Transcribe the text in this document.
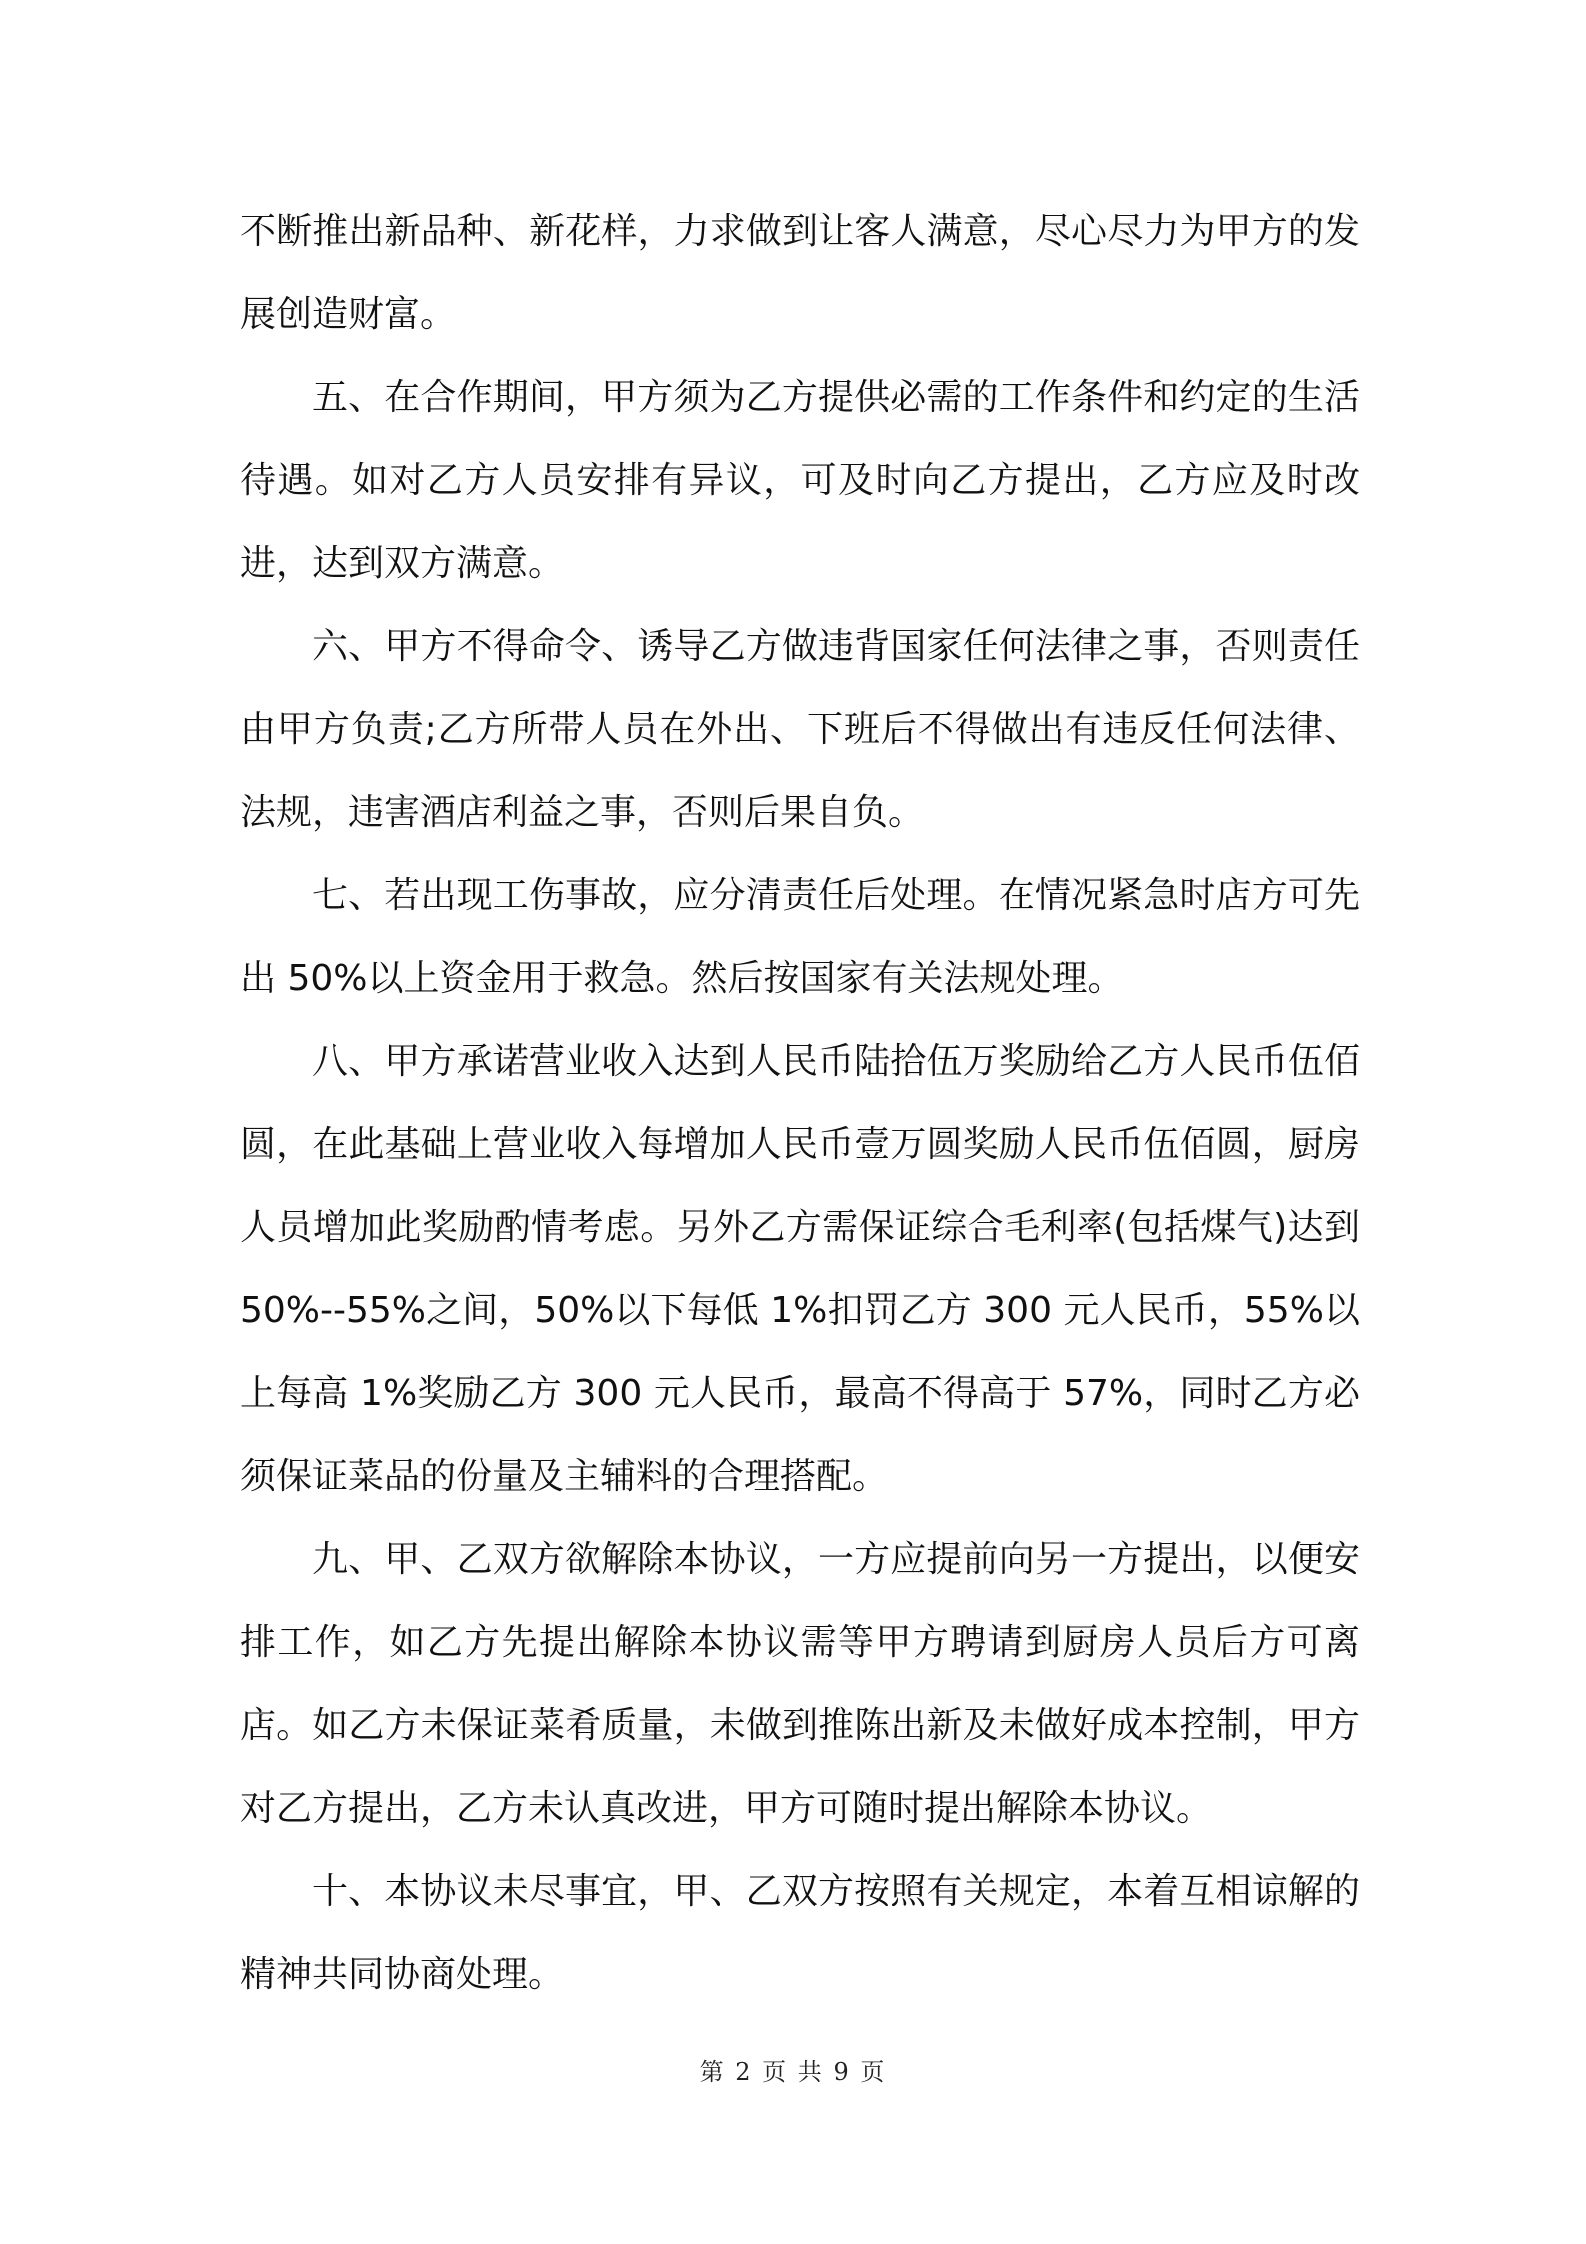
不断推出新品种、新花样，力求做到让客人满意，尽心尽力为甲方的发展创造财富。

五、在合作期间，甲方须为乙方提供必需的工作条件和约定的生活待遇。如对乙方人员安排有异议，可及时向乙方提出，乙方应及时改进，达到双方满意。

六、甲方不得命令、诱导乙方做违背国家任何法律之事，否则责任由甲方负责;乙方所带人员在外出、下班后不得做出有违反任何法律、法规，违害酒店利益之事，否则后果自负。

七、若出现工伤事故，应分清责任后处理。在情况紧急时店方可先出 50%以上资金用于救急。然后按国家有关法规处理。

八、甲方承诺营业收入达到人民币陆拾伍万奖励给乙方人民币伍佰圆，在此基础上营业收入每增加人民币壹万圆奖励人民币伍佰圆，厨房人员增加此奖励酌情考虑。另外乙方需保证综合毛利率(包括煤气)达到 50%--55%之间，50%以下每低 1%扣罚乙方 300 元人民币，55%以上每高 1%奖励乙方 300 元人民币，最高不得高于 57%，同时乙方必须保证菜品的份量及主辅料的合理搭配。

九、甲、乙双方欲解除本协议，一方应提前向另一方提出，以便安排工作，如乙方先提出解除本协议需等甲方聘请到厨房人员后方可离店。如乙方未保证菜肴质量，未做到推陈出新及未做好成本控制，甲方对乙方提出，乙方未认真改进，甲方可随时提出解除本协议。

十、本协议未尽事宜，甲、乙双方按照有关规定，本着互相谅解的精神共同协商处理。

第 2 页 共 9 页
